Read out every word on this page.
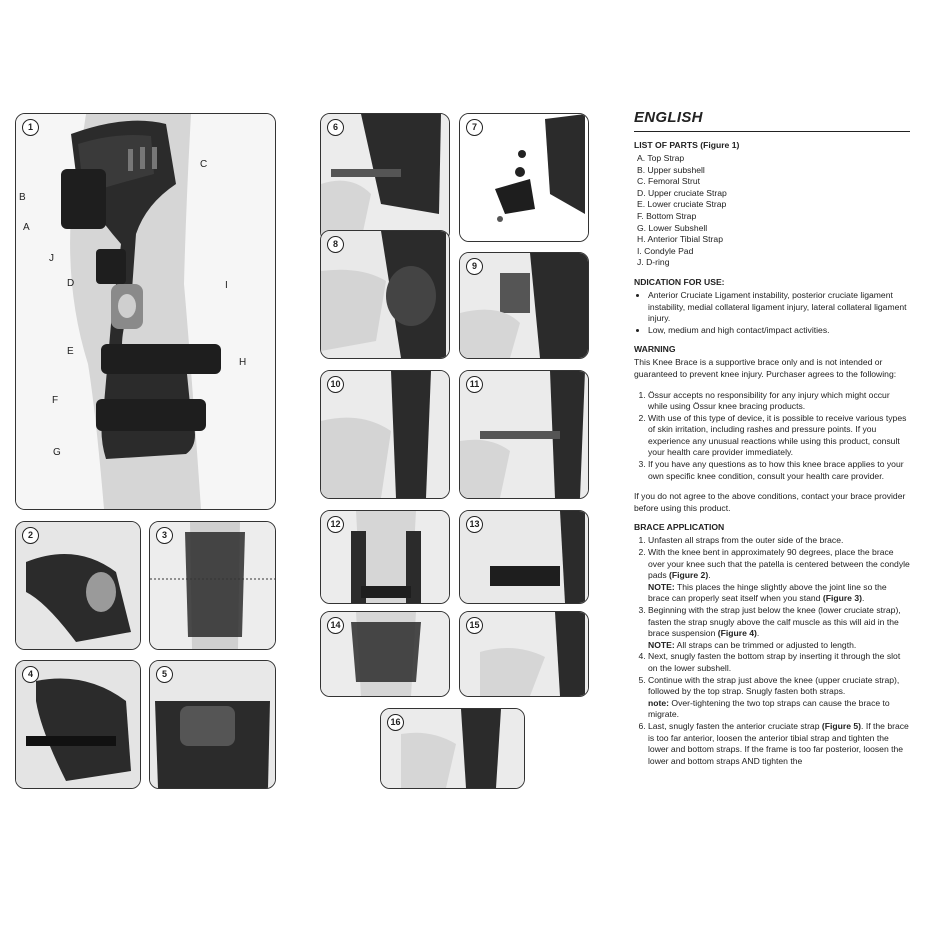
1
B
A
C
J
D	I
E
H
F
G
2	3
4	5
6	7
8
9
10	11
12	13
14	15
16
ENGLISH
LIST OF PARTS (Figure 1)
A. Top Strap
B. Upper subshell
C. Femoral Strut
D. Upper cruciate Strap
E. Lower cruciate Strap
F. Bottom Strap
G. Lower Subshell
H. Anterior Tibial Strap
I. Condyle Pad
J. D-ring
NDICATION FOR USE:
• Anterior Cruciate Ligament instability, posterior cruciate ligament instability, medial collateral ligament injury, lateral collateral ligament injury.
• Low, medium and high contact/impact activities.
WARNING

This Knee Brace is a supportive brace only and is not intended or guaranteed to prevent knee injury. Purchaser agrees to the following:

1. Össur accepts no responsibility for any injury which might occur while using Össur knee bracing products.
2. With use of this type of device, it is possible to receive various types of skin irritation, including rashes and pressure points. If you experience any unusual reactions while using this product, consult your health care provider immediately.
3. If you have any questions as to how this knee brace applies to your own specific knee condition, consult your health care provider.

If you do not agree to the above conditions, contact your brace provider before using this product.

BRACE APPLICATION
1. Unfasten all straps from the outer side of the brace.
2. With the knee bent in approximately 90 degrees, place the brace over your knee such that the patella is centered between the condyle pads (Figure 2).
NOTE: This places the hinge slightly above the joint line so the brace can properly seat itself when you stand (Figure 3).
3. Beginning with the strap just below the knee (lower cruciate strap), fasten the strap snugly above the calf muscle as this will aid in the brace suspension (Figure 4).
NOTE: All straps can be trimmed or adjusted to length.
4. Next, snugly fasten the bottom strap by inserting it through the slot on the lower subshell.
5. Continue with the strap just above the knee (upper cruciate strap), followed by the top strap. Snugly fasten both straps.
note: Over-tightening the two top straps can cause the brace to migrate.
6. Last, snugly fasten the anterior cruciate strap (Figure 5). If the brace is too far anterior, loosen the anterior tibial strap and tighten the lower and bottom straps. If the frame is too far posterior, loosen the lower and bottom straps AND tighten the
